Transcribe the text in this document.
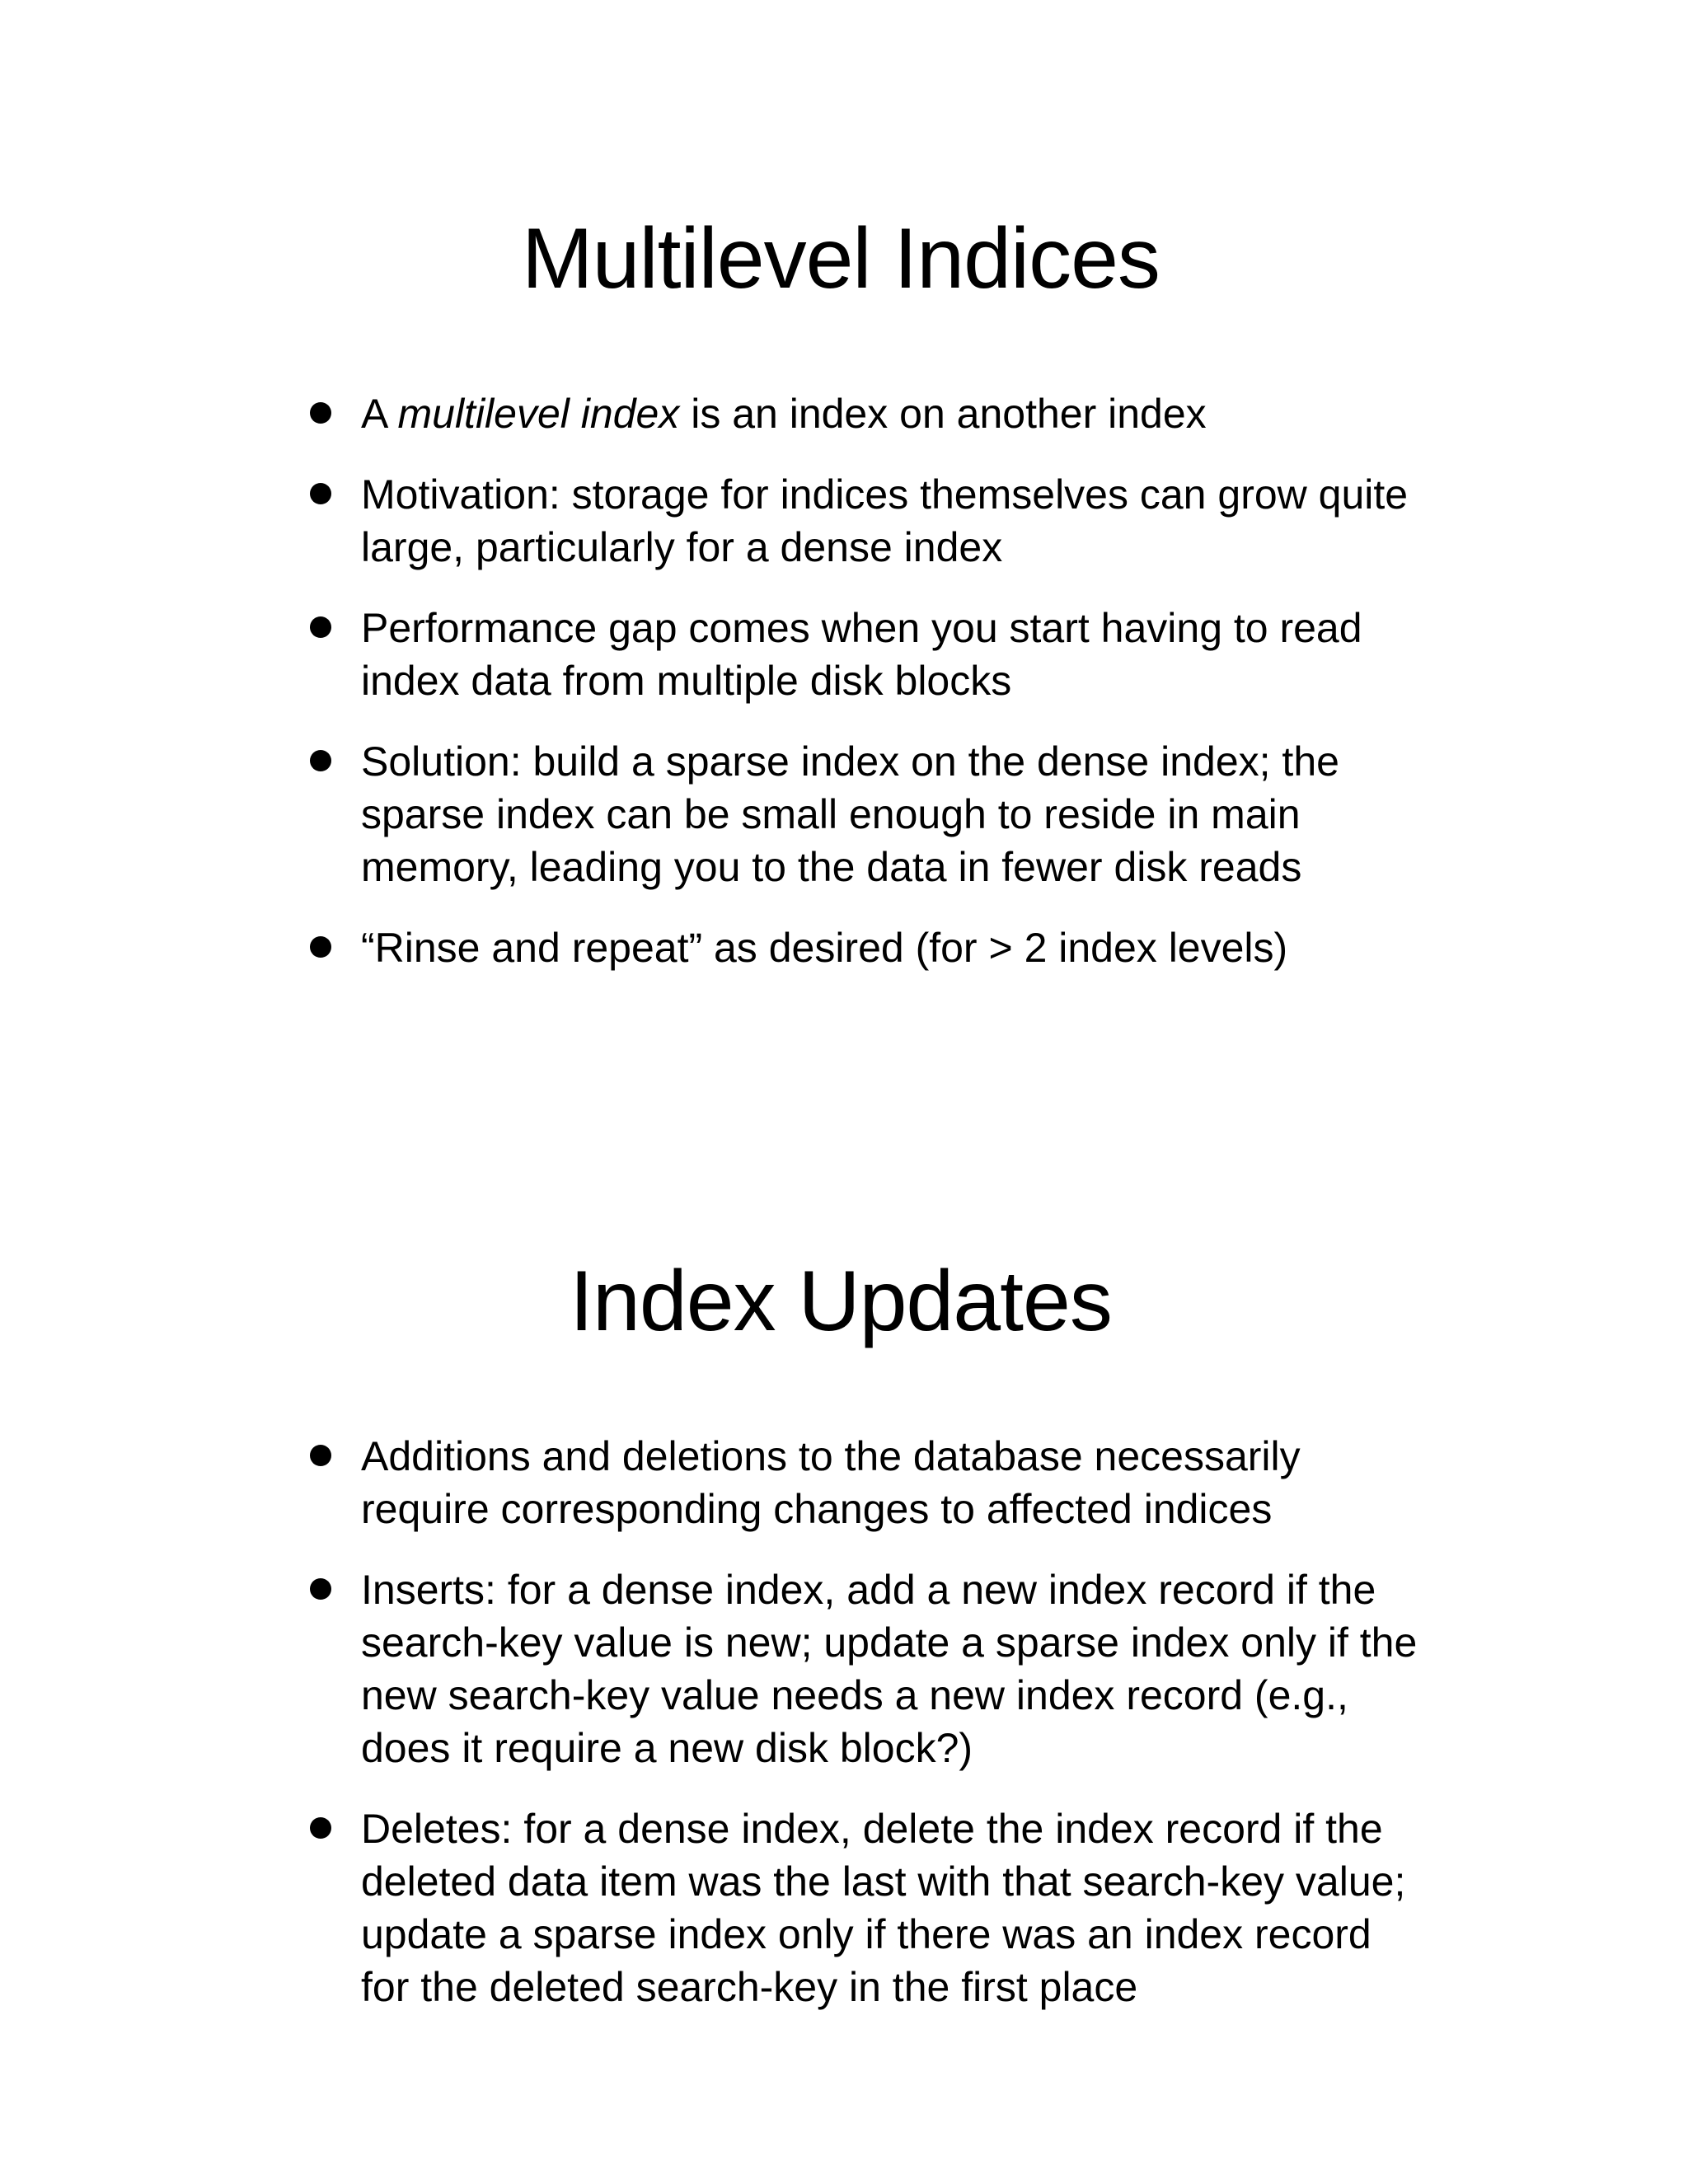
Multilevel Indices
A multilevel index is an index on another index
Motivation: storage for indices themselves can grow quite large, particularly for a dense index
Performance gap comes when you start having to read index data from multiple disk blocks
Solution: build a sparse index on the dense index; the sparse index can be small enough to reside in main memory, leading you to the data in fewer disk reads
“Rinse and repeat” as desired (for > 2 index levels)
Index Updates
Additions and deletions to the database necessarily require corresponding changes to affected indices
Inserts: for a dense index, add a new index record if the search-key value is new; update a sparse index only if the new search-key value needs a new index record (e.g., does it require a new disk block?)
Deletes: for a dense index, delete the index record if the deleted data item was the last with that search-key value; update a sparse index only if there was an index record for the deleted search-key in the first place
